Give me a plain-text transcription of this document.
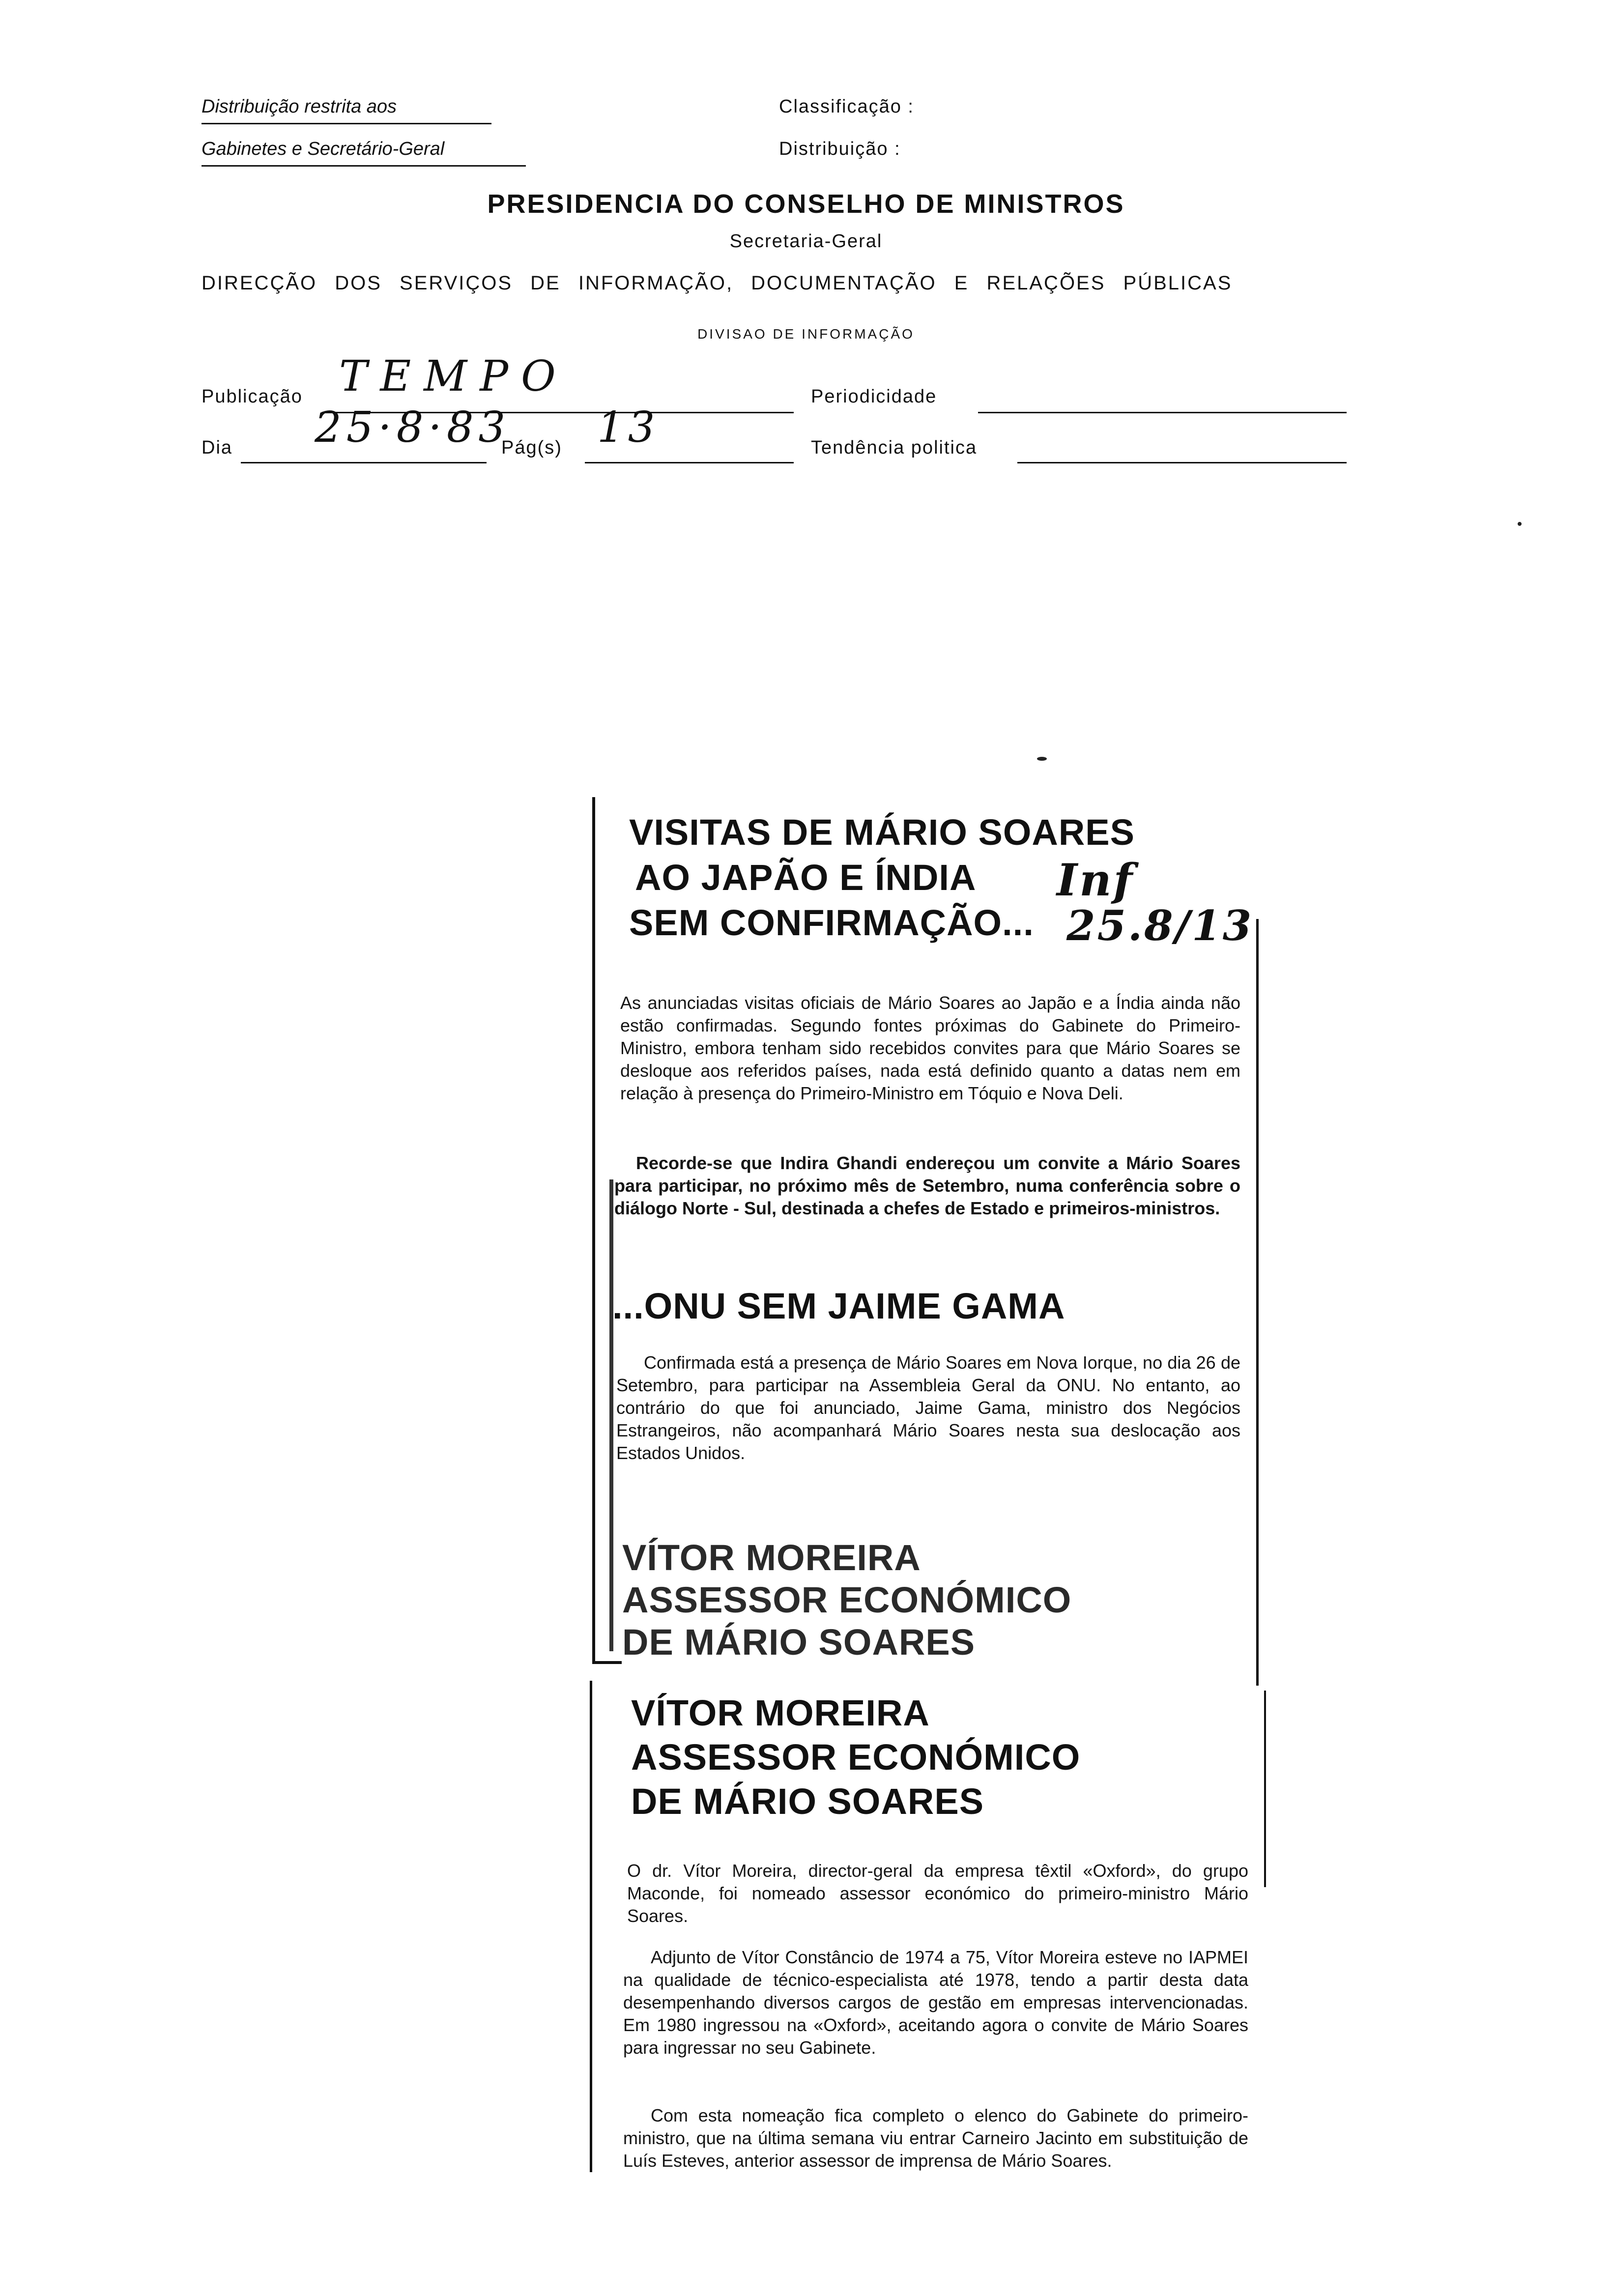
Distribuição restrita aos
Gabinetes e Secretário-Geral
Classificação :
Distribuição :
PRESIDENCIA DO CONSELHO DE MINISTROS
Secretaria-Geral
DIRECÇÃO DOS SERVIÇOS DE INFORMAÇÃO, DOCUMENTAÇÃO E RELAÇÕES PÚBLICAS
DIVISAO DE INFORMAÇÃO
Publicação TEMPO	Periodicidade
Dia 25·8·83
Pág(s) 13	Tendência politica
VISITAS DE MÁRIO SOARES
AO JAPÃO E ÍNDIA
SEM CONFIRMAÇÃO...
Inf
25.8/13
As anunciadas visitas oficiais de Mário Soares ao Japão e a Índia ainda não estão confirmadas. Segundo fontes próximas do Gabinete do Primeiro-Ministro, embora tenham sido recebidos convites para que Mário Soares se desloque aos referidos países, nada está definido quanto a datas nem em relação à presença do Primeiro-Ministro em Tóquio e Nova Deli.
Recorde-se que Indira Ghandi endereçou um convite a Mário Soares para participar, no próximo mês de Setembro, numa conferência sobre o diálogo Norte - Sul, destinada a chefes de Estado e primeiros-ministros.
...ONU SEM JAIME GAMA
Confirmada está a presença de Mário Soares em Nova Iorque, no dia 26 de Setembro, para participar na Assembleia Geral da ONU. No entanto, ao contrário do que foi anunciado, Jaime Gama, ministro dos Negócios Estrangeiros, não acompanhará Mário Soares nesta sua deslocação aos Estados Unidos.
VÍTOR MOREIRA
ASSESSOR ECONÓMICO
DE MÁRIO SOARES
VÍTOR MOREIRA
ASSESSOR ECONÓMICO
DE MÁRIO SOARES
O dr. Vítor Moreira, director-geral da empresa têxtil «Oxford», do grupo Maconde, foi nomeado assessor económico do primeiro-ministro Mário Soares.
Adjunto de Vítor Constâncio de 1974 a 75, Vítor Moreira esteve no IAPMEI na qualidade de técnico-especialista até 1978, tendo a partir desta data desempenhando diversos cargos de gestão em empresas intervencionadas. Em 1980 ingressou na «Oxford», aceitando agora o convite de Mário Soares para ingressar no seu Gabinete.
Com esta nomeação fica completo o elenco do Gabinete do primeiro-ministro, que na última semana viu entrar Carneiro Jacinto em substituição de Luís Esteves, anterior assessor de imprensa de Mário Soares.
